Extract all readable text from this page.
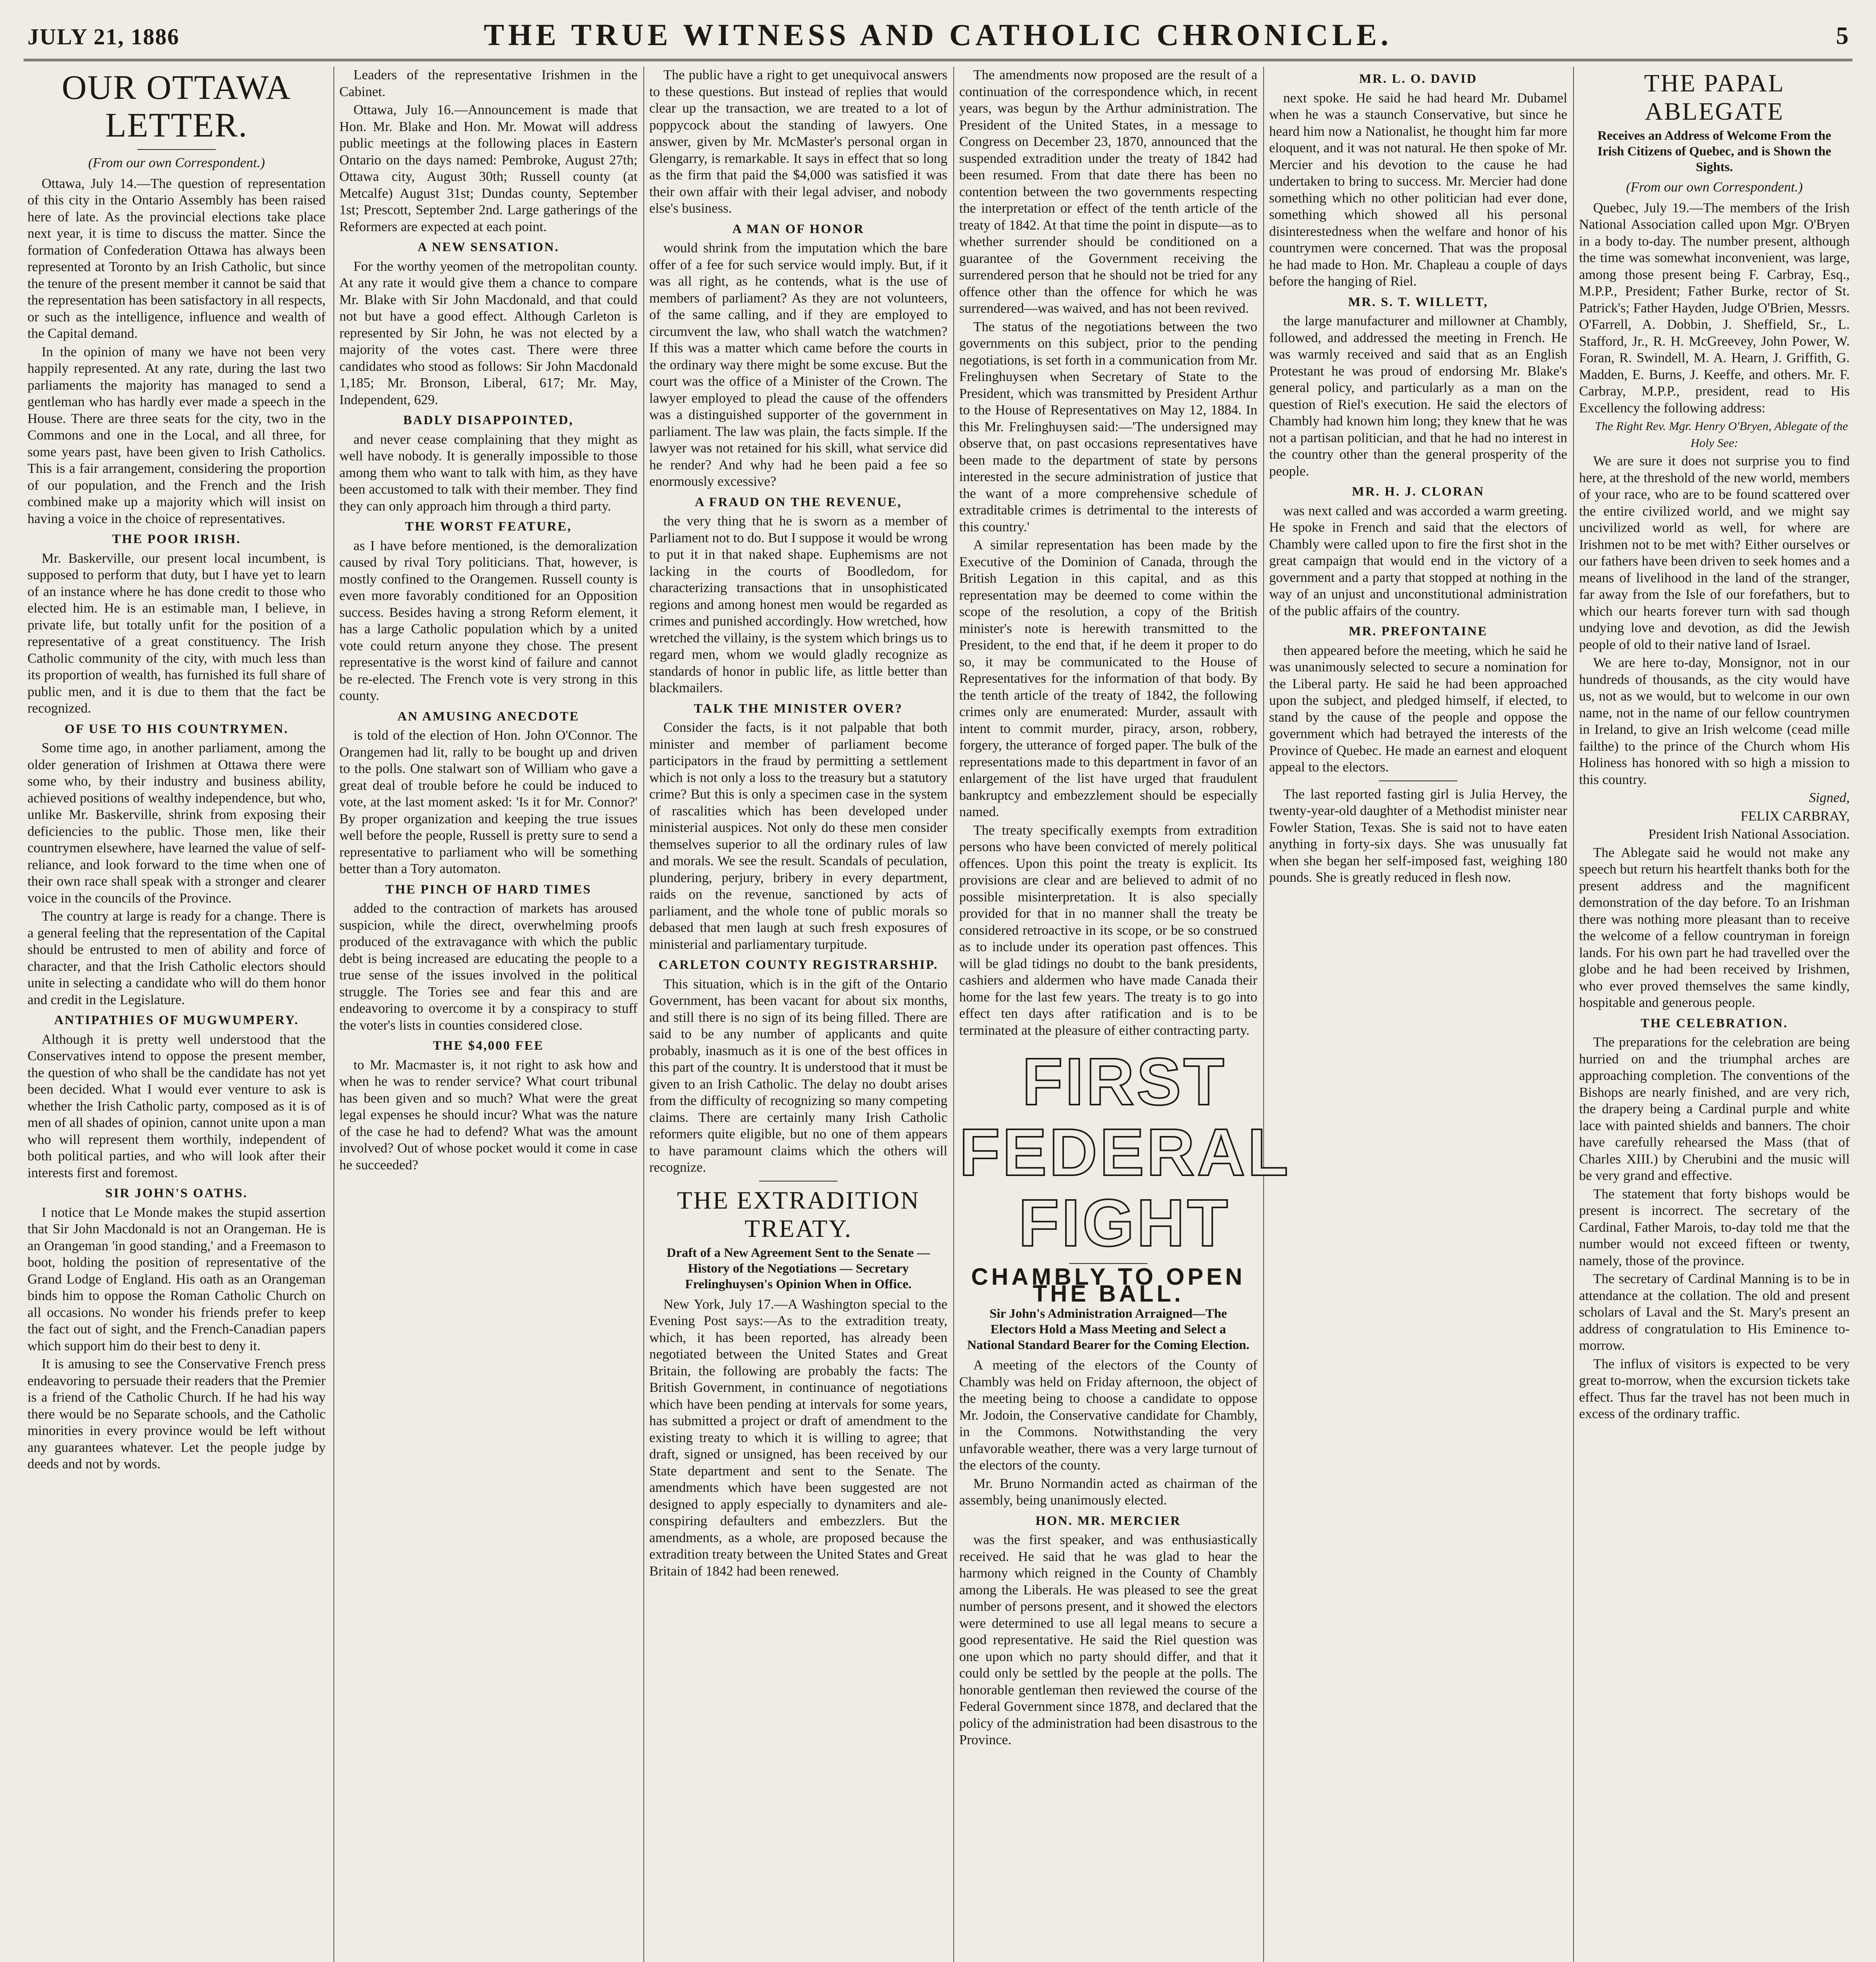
JULY 21, 1886	THE TRUE WITNESS AND CATHOLIC CHRONICLE.	5
OUR OTTAWA LETTER.
(From our own Correspondent.)

Ottawa, July 14.—The question of representation of this city in the Ontario Assembly has been raised here of late. As the provincial elections take place next year, it is time to discuss the matter. Since the formation of Confederation Ottawa has always been represented at Toronto by an Irish Catholic, but since the tenure of the present member it cannot be said that the representation has been satisfactory in all respects, or such as the intelligence, influence and wealth of the Capital demand.

In the opinion of many we have not been very happily represented. At any rate, during the last two parliaments the majority has managed to send a gentleman who has hardly ever made a speech in the House. There are three seats for the city, two in the Commons and one in the Local, and all three, for some years past, have been given to Irish Catholics. This is a fair arrangement, considering the proportion of our population, and the French and the Irish combined make up a majority which will insist on having a voice in the choice of representatives.

THE POOR IRISH.

Mr. Baskerville, our present local incumbent, is supposed to perform that duty, but I have yet to learn of an instance where he has done credit to those who elected him. He is an estimable man, I believe, in private life, but totally unfit for the position of a representative of a great constituency. The Irish Catholic community of the city, with much less than its proportion of wealth, has furnished its full share of public men, and it is due to them that the fact be recognized.

OF USE TO HIS COUNTRYMEN.

Some time ago, in another parliament, among the older generation of Irishmen at Ottawa there were some who, by their industry and business ability, achieved positions of wealthy independence, but who, unlike Mr. Baskerville, shrink from exposing their deficiencies to the public. Those men, like their countrymen elsewhere, have learned the value of self-reliance, and look forward to the time when one of their own race shall speak with a stronger and clearer voice in the councils of the Province.

The country at large is ready for a change. There is a general feeling that the representation of the Capital should be entrusted to men of ability and force of character, and that the Irish Catholic electors should unite in selecting a candidate who will do them honor and credit in the Legislature.

ANTIPATHIES OF MUGWUMPERY.

Although it is pretty well understood that the Conservatives intend to oppose the present member, the question of who shall be the candidate has not yet been decided. What I would ever venture to ask is whether the Irish Catholic party, composed as it is of men of all shades of opinion, cannot unite upon a man who will represent them worthily, independent of both political parties, and who will look after their interests first and foremost.

SIR JOHN'S OATHS.

I notice that Le Monde makes the stupid assertion that Sir John Macdonald is not an Orangeman. He is an Orangeman 'in good standing,' and a Freemason to boot, holding the position of representative of the Grand Lodge of England. His oath as an Orangeman binds him to oppose the Roman Catholic Church on all occasions. No wonder his friends prefer to keep the fact out of sight, and the French-Canadian papers which support him do their best to deny it.

It is amusing to see the Conservative French press endeavoring to persuade their readers that the Premier is a friend of the Catholic Church. If he had his way there would be no Separate schools, and the Catholic minorities in every province would be left without any guarantees whatever. Let the people judge by deeds and not by words.

Leaders of the representative Irishmen in the Cabinet.

Ottawa, July 16.—Announcement is made that Hon. Mr. Blake and Hon. Mr. Mowat will address public meetings at the following places in Eastern Ontario on the days named: Pembroke, August 27th; Ottawa city, August 30th; Russell county (at Metcalfe) August 31st; Dundas county, September 1st; Prescott, September 2nd. Large gatherings of the Reformers are expected at each point.

A NEW SENSATION.

For the worthy yeomen of the metropolitan county. At any rate it would give them a chance to compare Mr. Blake with Sir John Macdonald, and that could not but have a good effect. Although Carleton is represented by Sir John, he was not elected by a majority of the votes cast. There were three candidates who stood as follows: Sir John Macdonald 1,185; Mr. Bronson, Liberal, 617; Mr. May, Independent, 629.

BADLY DISAPPOINTED,

and never cease complaining that they might as well have nobody. It is generally impossible to those among them who want to talk with him, as they have been accustomed to talk with their member. They find they can only approach him through a third party.

THE WORST FEATURE,

as I have before mentioned, is the demoralization caused by rival Tory politicians. That, however, is mostly confined to the Orangemen. Russell county is even more favorably conditioned for an Opposition success. Besides having a strong Reform element, it has a large Catholic population which by a united vote could return anyone they chose. The present representative is the worst kind of failure and cannot be re-elected. The French vote is very strong in this county.

AN AMUSING ANECDOTE

is told of the election of Hon. John O'Connor. The Orangemen had lit, rally to be bought up and driven to the polls. One stalwart son of William who gave a great deal of trouble before he could be induced to vote, at the last moment asked: 'Is it for Mr. Connor?' By proper organization and keeping the true issues well before the people, Russell is pretty sure to send a representative to parliament who will be something better than a Tory automaton.

THE PINCH OF HARD TIMES

added to the contraction of markets has aroused suspicion, while the direct, overwhelming proofs produced of the extravagance with which the public debt is being increased are educating the people to a true sense of the issues involved in the political struggle. The Tories see and fear this and are endeavoring to overcome it by a conspiracy to stuff the voter's lists in counties considered close.

THE $4,000 FEE

to Mr. Macmaster is, it not right to ask how and when he was to render service? What court tribunal has been given and so much? What were the great legal expenses he should incur? What was the nature of the case he had to defend? What was the amount involved? Out of whose pocket would it come in case he succeeded?

The public have a right to get unequivocal answers to these questions. But instead of replies that would clear up the transaction, we are treated to a lot of poppycock about the standing of lawyers. One answer, given by Mr. McMaster's personal organ in Glengarry, is remarkable. It says in effect that so long as the firm that paid the $4,000 was satisfied it was their own affair with their legal adviser, and nobody else's business.

A MAN OF HONOR

would shrink from the imputation which the bare offer of a fee for such service would imply. But, if it was all right, as he contends, what is the use of members of parliament? As they are not volunteers, of the same calling, and if they are employed to circumvent the law, who shall watch the watchmen? If this was a matter which came before the courts in the ordinary way there might be some excuse. But the court was the office of a Minister of the Crown. The lawyer employed to plead the cause of the offenders was a distinguished supporter of the government in parliament. The law was plain, the facts simple. If the lawyer was not retained for his skill, what service did he render? And why had he been paid a fee so enormously excessive?

A FRAUD ON THE REVENUE,

the very thing that he is sworn as a member of Parliament not to do. But I suppose it would be wrong to put it in that naked shape. Euphemisms are not lacking in the courts of Boodledom, for characterizing transactions that in unsophisticated regions and among honest men would be regarded as crimes and punished accordingly. How wretched, how wretched the villainy, is the system which brings us to regard men, whom we would gladly recognize as standards of honor in public life, as little better than blackmailers.

TALK THE MINISTER OVER?

Consider the facts, is it not palpable that both minister and member of parliament become participators in the fraud by permitting a settlement which is not only a loss to the treasury but a statutory crime? But this is only a specimen case in the system of rascalities which has been developed under ministerial auspices. Not only do these men consider themselves superior to all the ordinary rules of law and morals. We see the result. Scandals of peculation, plundering, perjury, bribery in every department, raids on the revenue, sanctioned by acts of parliament, and the whole tone of public morals so debased that men laugh at such fresh exposures of ministerial and parliamentary turpitude.

CARLETON COUNTY REGISTRARSHIP.

This situation, which is in the gift of the Ontario Government, has been vacant for about six months, and still there is no sign of its being filled. There are said to be any number of applicants and quite probably, inasmuch as it is one of the best offices in this part of the country. It is understood that it must be given to an Irish Catholic. The delay no doubt arises from the difficulty of recognizing so many competing claims. There are certainly many Irish Catholic reformers quite eligible, but no one of them appears to have paramount claims which the others will recognize.

THE EXTRADITION TREATY.
Draft of a New Agreement Sent to the Senate — History of the Negotiations — Secretary Frelinghuysen's Opinion When in Office.

New York, July 17.—A Washington special to the Evening Post says:—As to the extradition treaty, which, it has been reported, has already been negotiated between the United States and Great Britain, the following are probably the facts: The British Government, in continuance of negotiations which have been pending at intervals for some years, has submitted a project or draft of amendment to the existing treaty to which it is willing to agree; that draft, signed or unsigned, has been received by our State department and sent to the Senate. The amendments which have been suggested are not designed to apply especially to dynamiters and ale-conspiring defaulters and embezzlers. But the amendments, as a whole, are proposed because the extradition treaty between the United States and Great Britain of 1842 had been renewed.

The amendments now proposed are the result of a continuation of the correspondence which, in recent years, was begun by the Arthur administration. The President of the United States, in a message to Congress on December 23, 1870, announced that the suspended extradition under the treaty of 1842 had been resumed. From that date there has been no contention between the two governments respecting the interpretation or effect of the tenth article of the treaty of 1842. At that time the point in dispute—as to whether surrender should be conditioned on a guarantee of the Government receiving the surrendered person that he should not be tried for any offence other than the offence for which he was surrendered—was waived, and has not been revived.

The status of the negotiations between the two governments on this subject, prior to the pending negotiations, is set forth in a communication from Mr. Frelinghuysen when Secretary of State to the President, which was transmitted by President Arthur to the House of Representatives on May 12, 1884. In this Mr. Frelinghuysen said:—'The undersigned may observe that, on past occasions representatives have been made to the department of state by persons interested in the secure administration of justice that the want of a more comprehensive schedule of extraditable crimes is detrimental to the interests of this country.'

A similar representation has been made by the Executive of the Dominion of Canada, through the British Legation in this capital, and as this representation may be deemed to come within the scope of the resolution, a copy of the British minister's note is herewith transmitted to the President, to the end that, if he deem it proper to do so, it may be communicated to the House of Representatives for the information of that body. By the tenth article of the treaty of 1842, the following crimes only are enumerated: Murder, assault with intent to commit murder, piracy, arson, robbery, forgery, the utterance of forged paper. The bulk of the representations made to this department in favor of an enlargement of the list have urged that fraudulent bankruptcy and embezzlement should be especially named.

The treaty specifically exempts from extradition persons who have been convicted of merely political offences. Upon this point the treaty is explicit. Its provisions are clear and are believed to admit of no possible misinterpretation. It is also specially provided for that in no manner shall the treaty be considered retroactive in its scope, or be so construed as to include under its operation past offences. This will be glad tidings no doubt to the bank presidents, cashiers and aldermen who have made Canada their home for the last few years. The treaty is to go into effect ten days after ratification and is to be terminated at the pleasure of either contracting party.

FIRST FEDERAL FIGHT
CHAMBLY TO OPEN THE BALL.
Sir John's Administration Arraigned—The Electors Hold a Mass Meeting and Select a National Standard Bearer for the Coming Election.

A meeting of the electors of the County of Chambly was held on Friday afternoon, the object of the meeting being to choose a candidate to oppose Mr. Jodoin, the Conservative candidate for Chambly, in the Commons. Notwithstanding the very unfavorable weather, there was a very large turnout of the electors of the county.

Mr. Bruno Normandin acted as chairman of the assembly, being unanimously elected.

HON. MR. MERCIER

was the first speaker, and was enthusiastically received. He said that he was glad to hear the harmony which reigned in the County of Chambly among the Liberals. He was pleased to see the great number of persons present, and it showed the electors were determined to use all legal means to secure a good representative. He said the Riel question was one upon which no party should differ, and that it could only be settled by the people at the polls. The honorable gentleman then reviewed the course of the Federal Government since 1878, and declared that the policy of the administration had been disastrous to the Province.

MR. L. O. DAVID

next spoke. He said he had heard Mr. Dubamel when he was a staunch Conservative, but since he heard him now a Nationalist, he thought him far more eloquent, and it was not natural. He then spoke of Mr. Mercier and his devotion to the cause he had undertaken to bring to success. Mr. Mercier had done something which no other politician had ever done, something which showed all his personal disinterestedness when the welfare and honor of his countrymen were concerned. That was the proposal he had made to Hon. Mr. Chapleau a couple of days before the hanging of Riel.

MR. S. T. WILLETT,

the large manufacturer and millowner at Chambly, followed, and addressed the meeting in French. He was warmly received and said that as an English Protestant he was proud of endorsing Mr. Blake's general policy, and particularly as a man on the question of Riel's execution. He said the electors of Chambly had known him long; they knew that he was not a partisan politician, and that he had no interest in the country other than the general prosperity of the people.

MR. H. J. CLORAN

was next called and was accorded a warm greeting. He spoke in French and said that the electors of Chambly were called upon to fire the first shot in the great campaign that would end in the victory of a government and a party that stopped at nothing in the way of an unjust and unconstitutional administration of the public affairs of the country.

MR. PREFONTAINE

then appeared before the meeting, which he said he was unanimously selected to secure a nomination for the Liberal party. He said he had been approached upon the subject, and pledged himself, if elected, to stand by the cause of the people and oppose the government which had betrayed the interests of the Province of Quebec. He made an earnest and eloquent appeal to the electors.

The last reported fasting girl is Julia Hervey, the twenty-year-old daughter of a Methodist minister near Fowler Station, Texas. She is said not to have eaten anything in forty-six days. She was unusually fat when she began her self-imposed fast, weighing 180 pounds. She is greatly reduced in flesh now.

THE PAPAL ABLEGATE
Receives an Address of Welcome From the Irish Citizens of Quebec, and is Shown the Sights.
(From our own Correspondent.)

Quebec, July 19.—The members of the Irish National Association called upon Mgr. O'Bryen in a body to-day. The number present, although the time was somewhat inconvenient, was large, among those present being F. Carbray, Esq., M.P.P., President; Father Burke, rector of St. Patrick's; Father Hayden, Judge O'Brien, Messrs. O'Farrell, A. Dobbin, J. Sheffield, Sr., L. Stafford, Jr., R. H. McGreevey, John Power, W. Foran, R. Swindell, M. A. Hearn, J. Griffith, G. Madden, E. Burns, J. Keeffe, and others. Mr. F. Carbray, M.P.P., president, read to His Excellency the following address:

The Right Rev. Mgr. Henry O'Bryen, Ablegate of the Holy See:

We are sure it does not surprise you to find here, at the threshold of the new world, members of your race, who are to be found scattered over the entire civilized world, and we might say uncivilized world as well, for where are Irishmen not to be met with? Either ourselves or our fathers have been driven to seek homes and a means of livelihood in the land of the stranger, far away from the Isle of our forefathers, but to which our hearts forever turn with sad though undying love and devotion, as did the Jewish people of old to their native land of Israel.

We are here to-day, Monsignor, not in our hundreds of thousands, as the city would have us, not as we would, but to welcome in our own name, not in the name of our fellow countrymen in Ireland, to give an Irish welcome (cead mille failthe) to the prince of the Church whom His Holiness has honored with so high a mission to this country.

Signed,

FELIX CARBRAY,

President Irish National Association.

The Ablegate said he would not make any speech but return his heartfelt thanks both for the present address and the magnificent demonstration of the day before. To an Irishman there was nothing more pleasant than to receive the welcome of a fellow countryman in foreign lands. For his own part he had travelled over the globe and he had been received by Irishmen, who ever proved themselves the same kindly, hospitable and generous people.

THE CELEBRATION.

The preparations for the celebration are being hurried on and the triumphal arches are approaching completion. The conventions of the Bishops are nearly finished, and are very rich, the drapery being a Cardinal purple and white lace with painted shields and banners. The choir have carefully rehearsed the Mass (that of Charles XIII.) by Cherubini and the music will be very grand and effective.

The statement that forty bishops would be present is incorrect. The secretary of the Cardinal, Father Marois, to-day told me that the number would not exceed fifteen or twenty, namely, those of the province.

The secretary of Cardinal Manning is to be in attendance at the collation. The old and present scholars of Laval and the St. Mary's present an address of congratulation to His Eminence to-morrow.

The influx of visitors is expected to be very great to-morrow, when the excursion tickets take effect. Thus far the travel has not been much in excess of the ordinary traffic.
